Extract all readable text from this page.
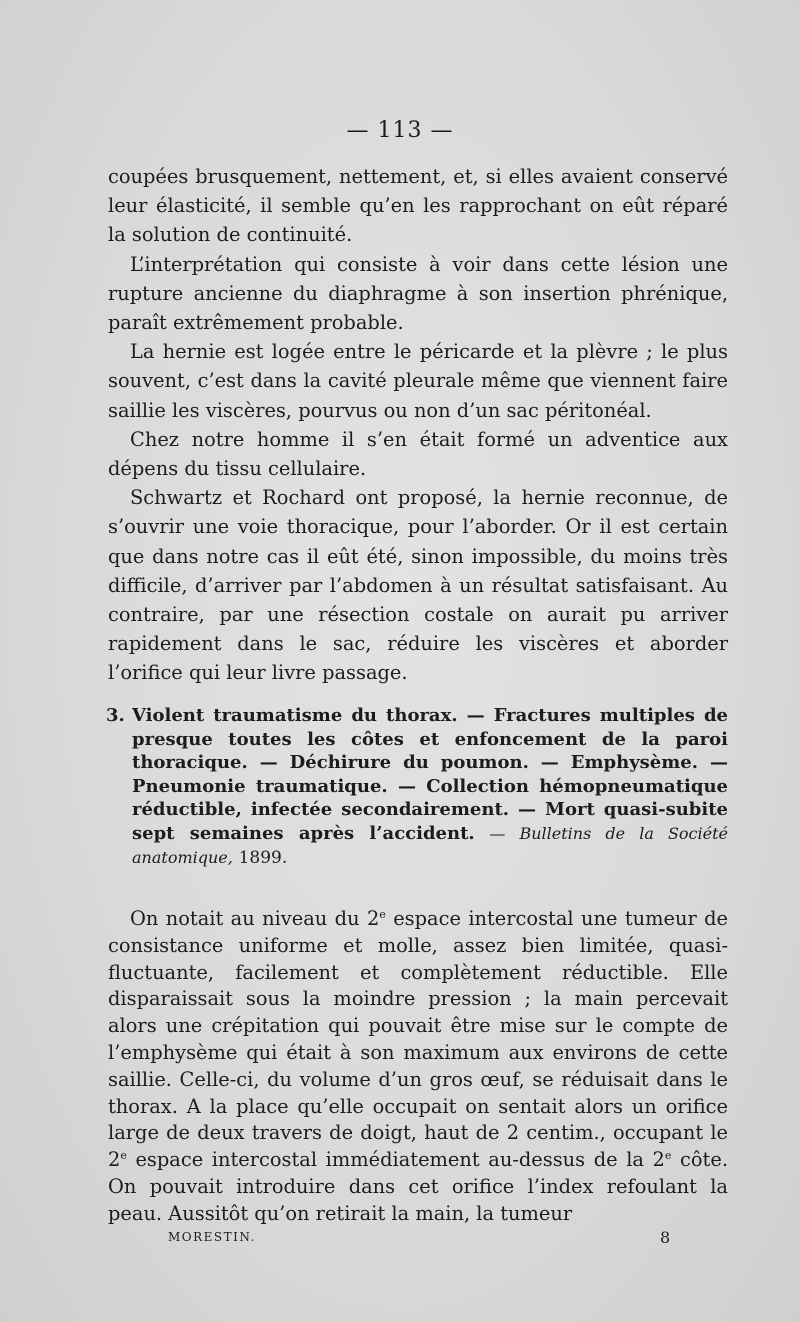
— 113 —

coupées brusquement, nettement, et, si elles avaient conservé leur élasticité, il semble qu’en les rapprochant on eût réparé la solution de continuité.

L’interprétation qui consiste à voir dans cette lésion une rupture ancienne du diaphragme à son insertion phrénique, paraît extrêmement probable.

La hernie est logée entre le péricarde et la plèvre ; le plus souvent, c’est dans la cavité pleurale même que viennent faire saillie les viscères, pourvus ou non d’un sac péritonéal.

Chez notre homme il s’en était formé un adventice aux dépens du tissu cellulaire.

Schwartz et Rochard ont proposé, la hernie reconnue, de s’ouvrir une voie thoracique, pour l’aborder. Or il est certain que dans notre cas il eût été, sinon impossible, du moins très difficile, d’arriver par l’abdomen à un résultat satisfaisant. Au contraire, par une résection costale on aurait pu arriver rapidement dans le sac, réduire les viscères et aborder l’orifice qui leur livre passage.

3. Violent traumatisme du thorax. — Fractures multiples de presque toutes les côtes et enfoncement de la paroi thoracique. — Déchirure du poumon. — Emphysème. — Pneumonie traumatique. — Collection hémopneumatique réductible, infectée secondairement. — Mort quasi-subite sept semaines après l’accident. — Bulletins de la Société anatomique, 1899.

On notait au niveau du 2e espace intercostal une tumeur de consistance uniforme et molle, assez bien limitée, quasi-fluctuante, facilement et complètement réductible. Elle disparaissait sous la moindre pression ; la main percevait alors une crépitation qui pouvait être mise sur le compte de l’emphysème qui était à son maximum aux environs de cette saillie. Celle-ci, du volume d’un gros œuf, se réduisait dans le thorax. A la place qu’elle occupait on sentait alors un orifice large de deux travers de doigt, haut de 2 centim., occupant le 2e espace intercostal immédiatement au-dessus de la 2e côte. On pouvait introduire dans cet orifice l’index refoulant la peau. Aussitôt qu’on retirait la main, la tumeur

MORESTIN.	8
